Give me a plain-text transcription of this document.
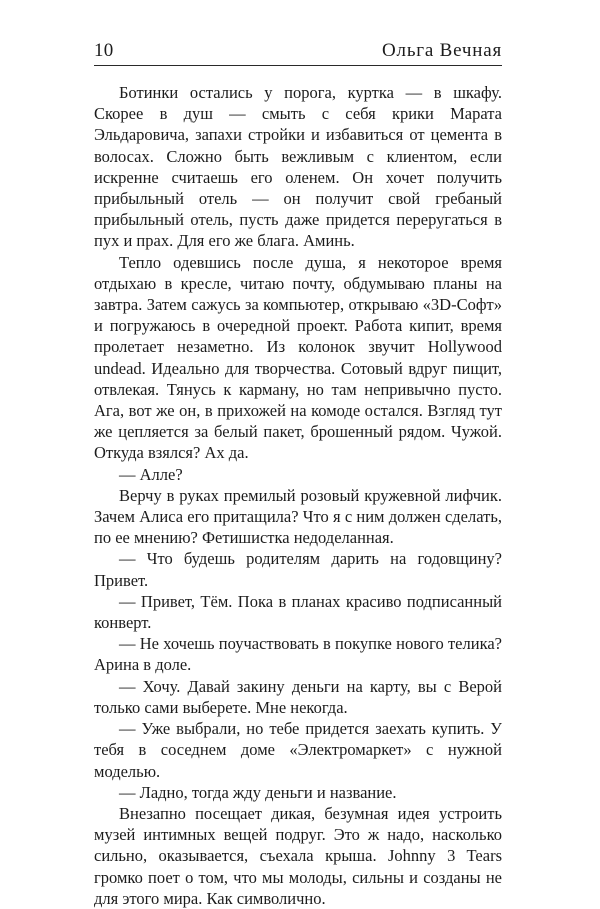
10	Ольга Вечная

Ботинки остались у порога, куртка — в шкафу. Скорее в душ — смыть с себя крики Марата Эльдаровича, запахи стройки и избавиться от цемента в волосах. Сложно быть вежливым с клиентом, если искренне считаешь его оленем. Он хочет получить прибыльный отель — он получит свой гребаный прибыльный отель, пусть даже придется переругаться в пух и прах. Для его же блага. Аминь.

Тепло одевшись после душа, я некоторое время отдыхаю в кресле, читаю почту, обдумываю планы на завтра. Затем сажусь за компьютер, открываю «3D-Софт» и погружаюсь в очередной проект. Работа кипит, время пролетает незаметно. Из колонок звучит Hollywood undead. Идеально для творчества. Сотовый вдруг пищит, отвлекая. Тянусь к карману, но там непривычно пусто. Ага, вот же он, в прихожей на комоде остался. Взгляд тут же цепляется за белый пакет, брошенный рядом. Чужой. Откуда взялся? Ах да.

— Алле?

Верчу в руках премилый розовый кружевной лифчик. Зачем Алиса его притащила? Что я с ним должен сделать, по ее мнению? Фетишистка недоделанная.

— Что будешь родителям дарить на годовщину? Привет.

— Привет, Тём. Пока в планах красиво подписанный конверт.

— Не хочешь поучаствовать в покупке нового телика? Арина в доле.

— Хочу. Давай закину деньги на карту, вы с Верой только сами выберете. Мне некогда.

— Уже выбрали, но тебе придется заехать купить. У тебя в соседнем доме «Электромаркет» с нужной моделью.

— Ладно, тогда жду деньги и название.

Внезапно посещает дикая, безумная идея устроить музей интимных вещей подруг. Это ж надо, насколько сильно, оказывается, съехала крыша. Johnny 3 Tears громко поет о том, что мы молоды, сильны и созданы не для этого мира. Как символично.
